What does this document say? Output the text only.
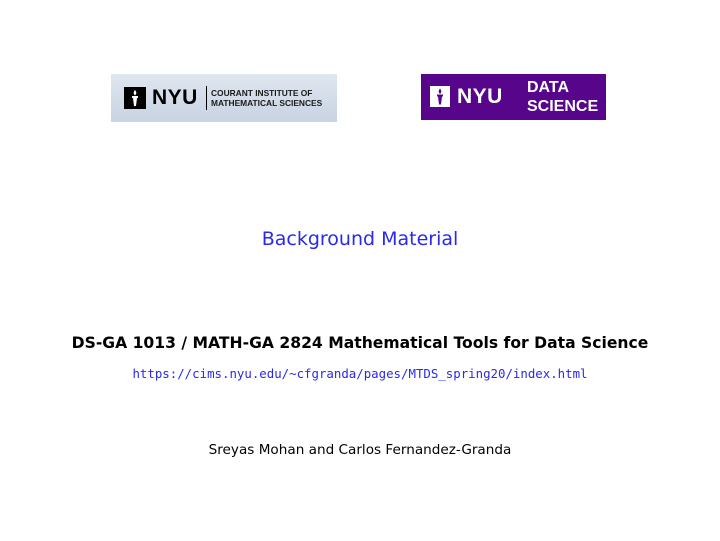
NYU COURANT INSTITUTE OF
MATHEMATICAL SCIENCES	NYU DATA
SCIENCE
Background Material
DS-GA 1013 / MATH-GA 2824 Mathematical Tools for Data Science
https://cims.nyu.edu/~cfgranda/pages/MTDS_spring20/index.html
Sreyas Mohan and Carlos Fernandez-Granda
